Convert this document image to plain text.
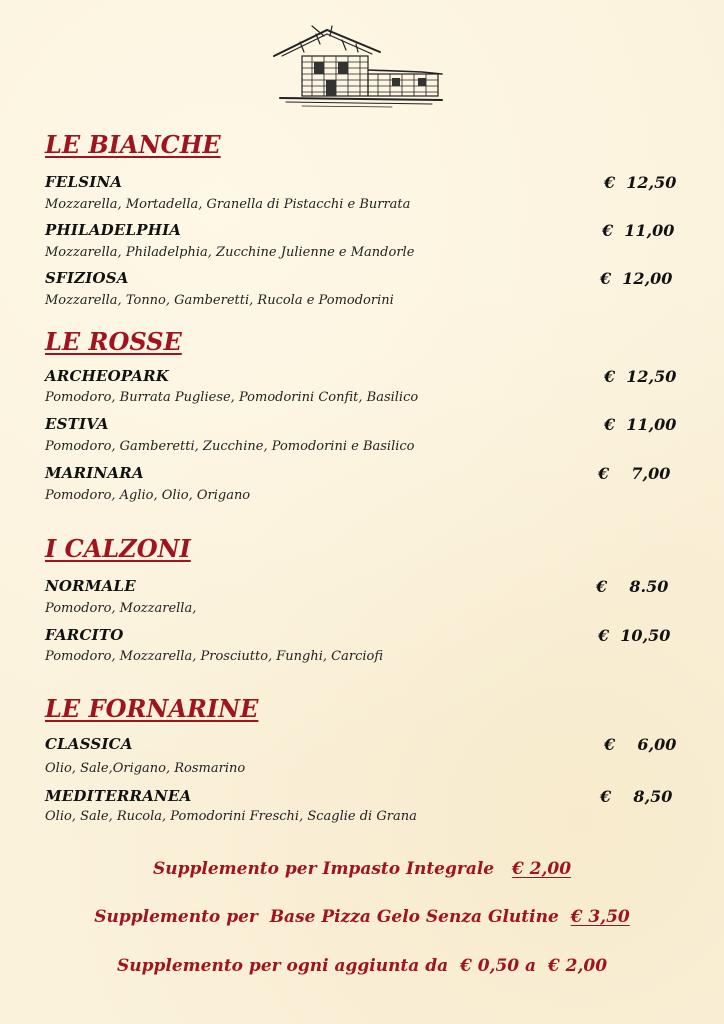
LE BIANCHE
FELSINA	€  12,50
Mozzarella, Mortadella, Granella di Pistacchi e Burrata
PHILADELPHIA	€  11,00
Mozzarella, Philadelphia, Zucchine Julienne e Mandorle
SFIZIOSA	€  12,00
Mozzarella, Tonno, Gamberetti, Rucola e Pomodorini
LE ROSSE
ARCHEOPARK	€  12,50
Pomodoro, Burrata Pugliese, Pomodorini Confit, Basilico
ESTIVA	€  11,00
Pomodoro, Gamberetti, Zucchine, Pomodorini e Basilico
MARINARA	€    7,00
Pomodoro, Aglio, Olio, Origano
I CALZONI
NORMALE	€    8.50
Pomodoro, Mozzarella,
FARCITO	€  10,50
Pomodoro, Mozzarella, Prosciutto, Funghi, Carciofi
LE FORNARINE
CLASSICA	€    6,00
Olio, Sale,Origano, Rosmarino
MEDITERRANEA	€    8,50
Olio, Sale, Rucola, Pomodorini Freschi, Scaglie di Grana
Supplemento per Impasto Integrale   € 2,00
Supplemento per  Base Pizza Gelo Senza Glutine  € 3,50
Supplemento per ogni aggiunta da  € 0,50 a  € 2,00
